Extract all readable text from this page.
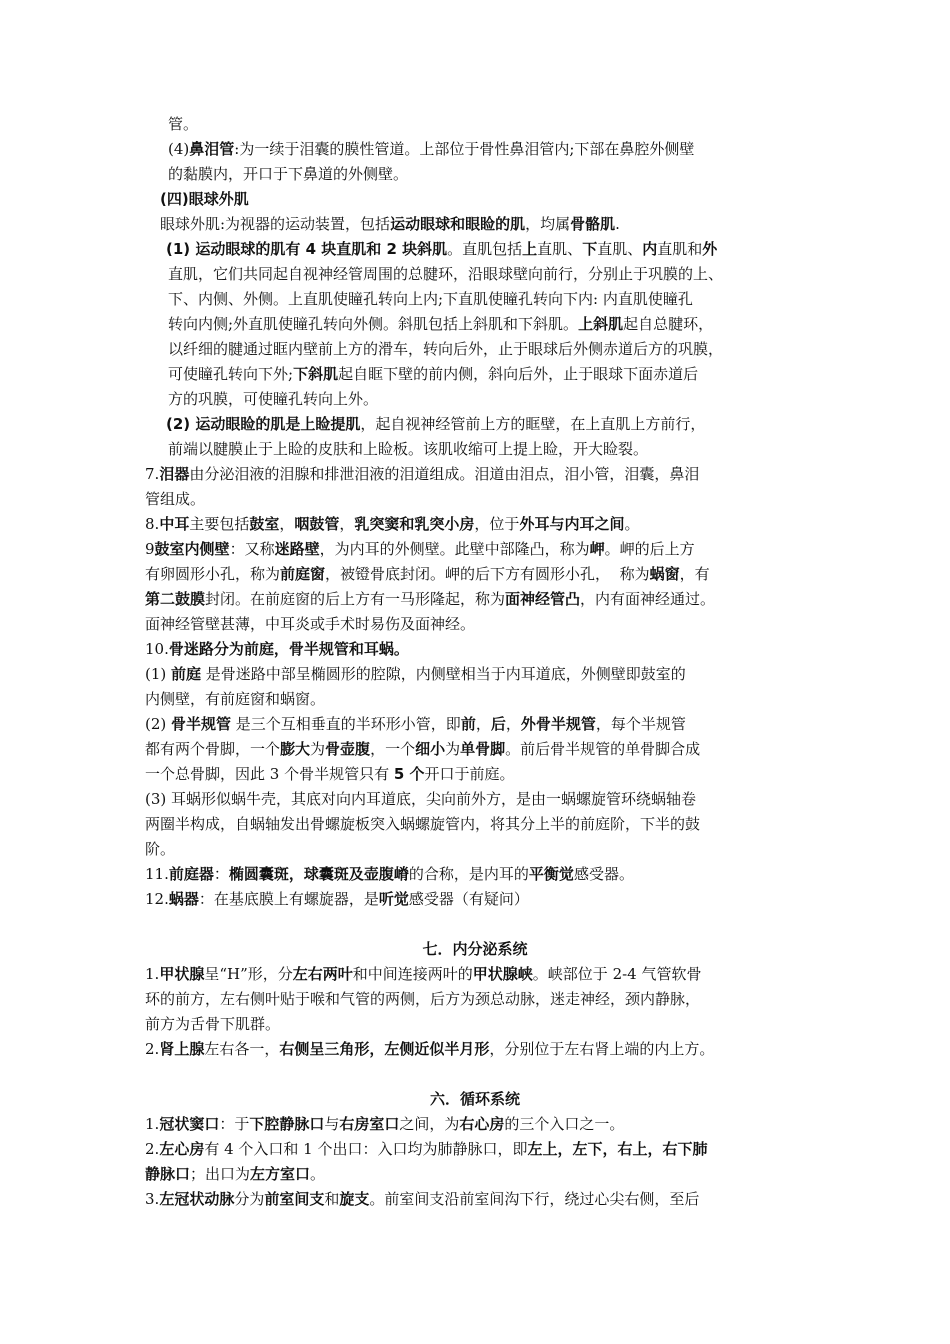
管。
(4)鼻泪管:为一续于泪囊的膜性管道。上部位于骨性鼻泪管内;下部在鼻腔外侧壁
的黏膜内，开口于下鼻道的外侧壁。
(四)眼球外肌
眼球外肌:为视器的运动装置，包括运动眼球和眼睑的肌，均属骨骼肌.
(1) 运动眼球的肌有 4 块直肌和 2 块斜肌。直肌包括上直肌、下直肌、内直肌和外
直肌，它们共同起自视神经管周围的总腱环，沿眼球壁向前行，分别止于巩膜的上、
下、内侧、外侧。上直肌使瞳孔转向上内;下直肌使瞳孔转向下内: 内直肌使瞳孔
转向内侧;外直肌使瞳孔转向外侧。斜肌包括上斜肌和下斜肌。上斜肌起自总腱环，
以纤细的腱通过眶内壁前上方的滑车，转向后外，止于眼球后外侧赤道后方的巩膜，
可使瞳孔转向下外;下斜肌起自眶下壁的前内侧，斜向后外，止于眼球下面赤道后
方的巩膜，可使瞳孔转向上外。
(2) 运动眼睑的肌是上睑提肌，起自视神经管前上方的眶壁，在上直肌上方前行，
前端以腱膜止于上睑的皮肤和上睑板。该肌收缩可上提上睑，开大睑裂。
7.泪器由分泌泪液的泪腺和排泄泪液的泪道组成。泪道由泪点，泪小管，泪囊，鼻泪
管组成。
8.中耳主要包括鼓室，咽鼓管，乳突窦和乳突小房，位于外耳与内耳之间。
9鼓室内侧壁：又称迷路壁，为内耳的外侧壁。此壁中部隆凸，称为岬。岬的后上方
有卵圆形小孔，称为前庭窗，被镫骨底封闭。岬的后下方有圆形小孔，  称为蜗窗，有
第二鼓膜封闭。在前庭窗的后上方有一马形隆起，称为面神经管凸，内有面神经通过。
面神经管壁甚薄，中耳炎或手术时易伤及面神经。
10.骨迷路分为前庭，骨半规管和耳蜗。
(1) 前庭 是骨迷路中部呈椭圆形的腔隙，内侧壁相当于内耳道底，外侧壁即鼓室的
内侧壁，有前庭窗和蜗窗。
(2) 骨半规管 是三个互相垂直的半环形小管，即前，后，外骨半规管，每个半规管
都有两个骨脚，一个膨大为骨壶腹，一个细小为单骨脚。前后骨半规管的单骨脚合成
一个总骨脚，因此 3 个骨半规管只有 5 个开口于前庭。
(3) 耳蜗形似蜗牛壳，其底对向内耳道底，尖向前外方，是由一蜗螺旋管环绕蜗轴卷
两圈半构成，自蜗轴发出骨螺旋板突入蜗螺旋管内，将其分上半的前庭阶，下半的鼓
阶。
11.前庭器：椭圆囊斑，球囊斑及壶腹嵴的合称，是内耳的平衡觉感受器。
12.蜗器：在基底膜上有螺旋器，是听觉感受器（有疑问）
1.甲状腺呈“H”形，分左右两叶和中间连接两叶的甲状腺峡。峡部位于 2-4 气管软骨
环的前方，左右侧叶贴于喉和气管的两侧，后方为颈总动脉，迷走神经，颈内静脉，
前方为舌骨下肌群。
2.肾上腺左右各一，右侧呈三角形，左侧近似半月形，分别位于左右肾上端的内上方。
1.冠状窦口：于下腔静脉口与右房室口之间，为右心房的三个入口之一。
2.左心房有 4 个入口和 1 个出口：入口均为肺静脉口，即左上，左下，右上，右下肺
静脉口；出口为左方室口。
3.左冠状动脉分为前室间支和旋支。前室间支沿前室间沟下行，绕过心尖右侧，至后
七．内分泌系统
六．循环系统
